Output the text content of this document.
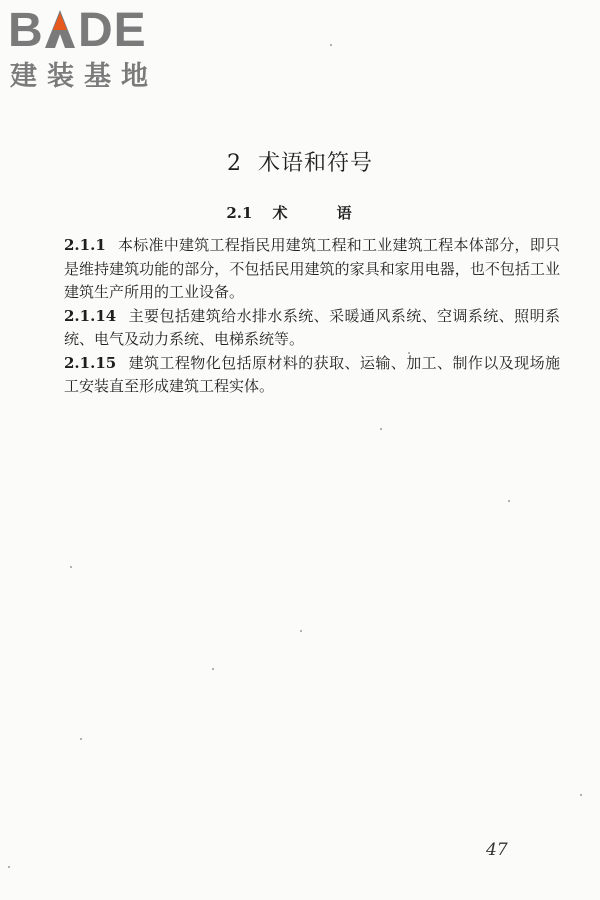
B DE
建装基地
2 术语和符号
2.1 术 语

2.1.1 本标准中建筑工程指民用建筑工程和工业建筑工程本体部分，即只是维持建筑功能的部分，不包括民用建筑的家具和家用电器，也不包括工业建筑生产所用的工业设备。

2.1.14 主要包括建筑给水排水系统、采暖通风系统、空调系统、照明系统、电气及动力系统、电梯系统等。

2.1.15 建筑工程物化包括原材料的获取、运输、加工、制作以及现场施工安装直至形成建筑工程实体。

47
